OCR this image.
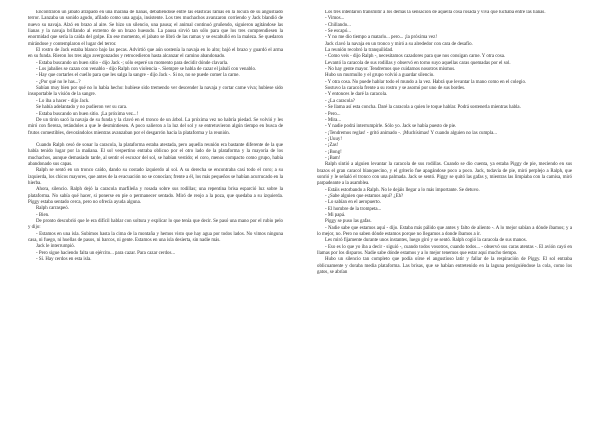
Encontraron un jabato atrapado en una maraña de lianas, debatiéndose entre las elásticas ramas en la locura de su angustiado terror. Lanzaba un sonido agudo, afilado como una aguja, insistente. Los tres muchachos avanzaron corriendo y Jack blandió de nuevo su navaja. Alzó en brazo al aire. Se hizo un silencio, una pausa; el animal continuó gruñendo, siguieron agitándose las lianas y la navaja brillando al extremo de un brazo huesudo. La pausa sirvió tan sólo para que los tres comprendiesen la enormidad que sería la caída del golpe. En ese momento, el jabato se libró de las ramas y se escabulló en la maleza. Se quedaron mirándose y contemplaron el lugar del terror.

El rostro de Jack estaba blanco bajo las pecas. Advirtió que aún sostenía la navaja en lo alto; bajó el brazo y guardó el arma en su funda. Rieron los tres algo avergonzados y retrocedieron hasta alcanzar el camino abandonado.

- Estaba buscando un buen sitio - dijo Jack -; sólo esperé un momento para decidir dónde clavarla.

- Los jabalíes se cazan con venablo - dijo Ralph con violencia -. Siempre se habla de cazar el jabalí con venablo.

- Hay que cortarles el cuello para que les salga la sangre - dijo Jack -. Si no, no se puede comer la carne.

- ¿Por qué no le has...?

Sabían muy bien por qué no lo había hecho: hubiese sido tremendo ver descender la navaja y cortar carne viva; hubiese sido insoportable la visión de la sangre.

- Lo iba a hacer - dijo Jack.

Se había adelantado y no pudieron ver su cara.

- Estaba buscando un buen sitio. ¡La próxima vez...!

De un tirón sacó la navaja de su funda y la clavó en el tronco de un árbol. La próxima vez no habría piedad. Se volvió y les miró con fiereza, retándoles a que le desmintiesen. A poco salieron a la luz del sol y se entretuvieron algún tiempo en busca de frutos comestibles, devorándolos mientras avanzaban por el desgarrón hacia la plataforma y la reunión.

Cuando Ralph cesó de sonar la caracola, la plataforma estaba atestada, pero aquella reunión era bastante diferente de la que había tenido lugar por la mañana. El sol vespertino entraba oblicuo por el otro lado de la plataforma y la mayoría de los muchachos, aunque demasiado tarde, al sentir el escozor del sol, se habían vestido; el coro, menos compacto como grupo, había abandonado sus capas.

Ralph se sentó en un tronco caído, dando su costado izquierdo al sol. A su derecha se encontraba casi todo el coro; a su izquierda, los chicos mayores, que antes de la evacuación no se conocían; frente a él, los más pequeños se habían acurrucado en la hierba.

Ahora, silencio. Ralph dejó la caracola marfileña y rosada sobre sus rodillas; una repentina brisa esparció luz sobre la plataforma. No sabía qué hacer, si ponerse en pie o permanecer sentado. Miró de reojo a la poza, que quedaba a su izquierda. Piggy estaba sentado cerca, pero no ofrecía ayuda alguna.

Ralph carraspeó.

- Bien.

De pronto descubrió que le era difícil hablar con soltura y explicar lo que tenía que decir. Se pasó una mano por el rubio pelo y dijo:

- Estamos en una isla. Subimos hasta la cima de la montaña y hemos visto que hay agua por todos lados. No vimos ninguna casa, ni fuego, ni huellas de pasos, ni barcos, ni gente. Estamos en una isla desierta, sin nadie más.

Jack le interrumpió.

- Pero sigue haciendo falta un ejército... para cazar. Para cazar cerdos...

- Sí. Hay cerdos en esta isla.

Los tres intentaron transmitir a los demás la sensación de aquella cosa rosada y viva que luchaba entre las lianas.

- Vimos...

- Chillando...

- Se escapó...

- Y no me dio tiempo a matarlo... pero... ¡la próxima vez!

Jack clavó la navaja en un tronco y miró a su alrededor con cara de desafío.

La reunión recobró la tranquilidad.

- Como veis - dijo Ralph -, necesitamos cazadores para que nos consigan carne. Y otra cosa.

Levantó la caracola de sus rodillas y observó en torno suyo aquellas caras quemadas por el sol.

- No hay gente mayor. Tendremos que cuidarnos nosotros mismos.

Hubo un murmullo y el grupo volvió a guardar silencio.

- Y otra cosa. No puede hablar todo el mundo a la vez. Habrá que levantar la mano como en el colegio.

Sostuvo la caracola frente a su rostro y se asomó por uno de sus bordes.

- Y entonces le daré la caracola.

- ¿La caracola?

- Se llama así esta concha. Daré la caracola a quien le toque hablar. Podrá sostenerla mientras habla.

- Pero...

- Mira...

- Y nadie podrá interrumpirle. Sólo yo. Jack se había puesto de pie.

- ¡Tendremos reglas! - gritó animado -. ¡Muchísimas! Y cuando alguien no las cumpla...

- ¡Uuuy!

- ¡Zas!

- ¡Bong!

- ¡Bam!

Ralph sintió a alguien levantar la caracola de sus rodillas. Cuando se dio cuenta, ya estaba Piggy de pie, meciendo en sus brazos el gran caracol blanquecino, y el griterío fue apagándose poco a poco. Jack, todavía de pie, miró perplejo a Ralph, que sonrió y le señaló el tronco con una palmada. Jack se sentó. Piggy se quitó las gafas y, mientras las limpiaba con la camisa, miró parpadeante a la asamblea.

- Estáis estorbando a Ralph. No le dejáis llegar a lo más importante. Se detuvo.

- ¿Sabe alguien que estamos aquí? ¿Eh?

- Lo sabían en el aeropuerto.

- El hombre de la trompeta...

- Mi papá.

Piggy se puso las gafas.

- Nadie sabe que estamos aquí - dijo. Estaba más pálido que antes y falto de aliento -. A lo mejor sabían a dónde íbamos; y a lo mejor, no. Pero no saben dónde estamos porque no llegamos a donde íbamos a ir.

Les miró fijamente durante unos instantes, luego giró y se sentó. Ralph cogió la caracola de sus manos.

- Eso es lo que yo iba a decir - siguió -, cuando todos vosotros, cuando todos... - observó sus caras atentas -. El avión cayó en llamas por los disparos. Nadie sabe dónde estamos y a lo mejor tenemos que estar aquí mucho tiempo.

Hubo un silencio tan completo que podía oírse el angustioso latir y fallar de la respiración de Piggy. El sol entraba oblicuamente y doraba media plataforma. Las brisas, que se habían entretenido en la laguna persiguiéndose la cola, como los gatos, se abrían
